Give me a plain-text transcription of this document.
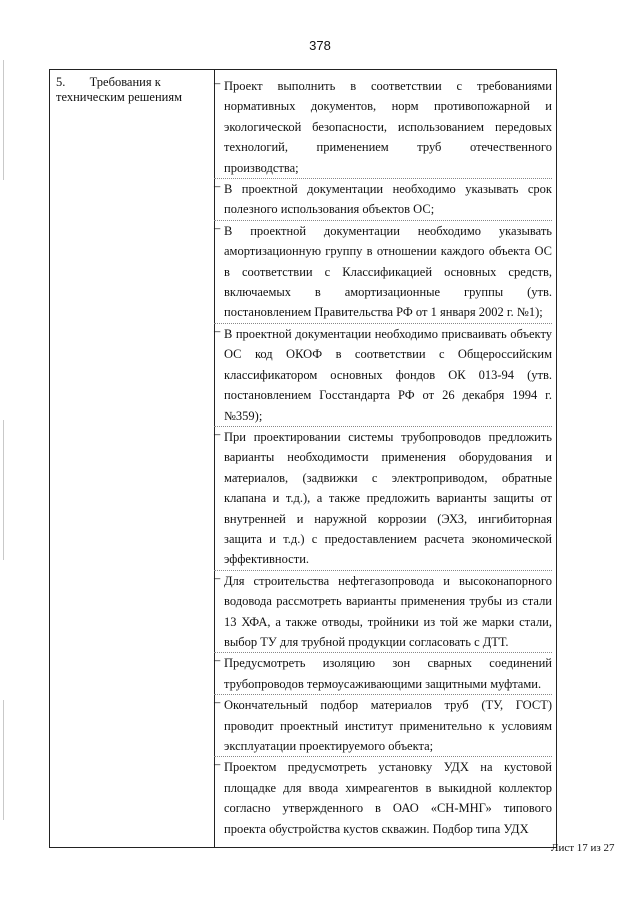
378
5. Требования к техническим решениям
– Проект выполнить в соответствии с требованиями нормативных документов, норм противопожарной и экологической безопасности, использованием передовых технологий, применением труб отечественного производства;
– В проектной документации необходимо указывать срок полезного использования объектов ОС;
– В проектной документации необходимо указывать амортизационную группу в отношении каждого объекта ОС в соответствии с Классификацией основных средств, включаемых в амортизационные группы (утв. постановлением Правительства РФ от 1 января 2002 г. №1);
– В проектной документации необходимо присваивать объекту ОС код ОКОФ в соответствии с Общероссийским классификатором основных фондов ОК 013-94 (утв. постановлением Госстандарта РФ от 26 декабря 1994 г. №359);
– При проектировании системы трубопроводов предложить варианты необходимости применения оборудования и материалов, (задвижки с электроприводом, обратные клапана и т.д.), а также предложить варианты защиты от внутренней и наружной коррозии (ЭХЗ, ингибиторная защита и т.д.) с предоставлением расчета экономической эффективности.
– Для строительства нефтегазопровода и высоконапорного водовода рассмотреть варианты применения трубы из стали 13 ХФА, а также отводы, тройники из той же марки стали, выбор ТУ для трубной продукции согласовать с ДТТ.
– Предусмотреть изоляцию зон сварных соединений трубопроводов термоусаживающими защитными муфтами.
– Окончательный подбор материалов труб (ТУ, ГОСТ) проводит проектный институт применительно к условиям эксплуатации проектируемого объекта;
– Проектом предусмотреть установку УДХ на кустовой площадке для ввода химреагентов в выкидной коллектор согласно утвержденного в ОАО «СН-МНГ» типового проекта обустройства кустов скважин. Подбор типа УДХ
Лист 17 из 27
